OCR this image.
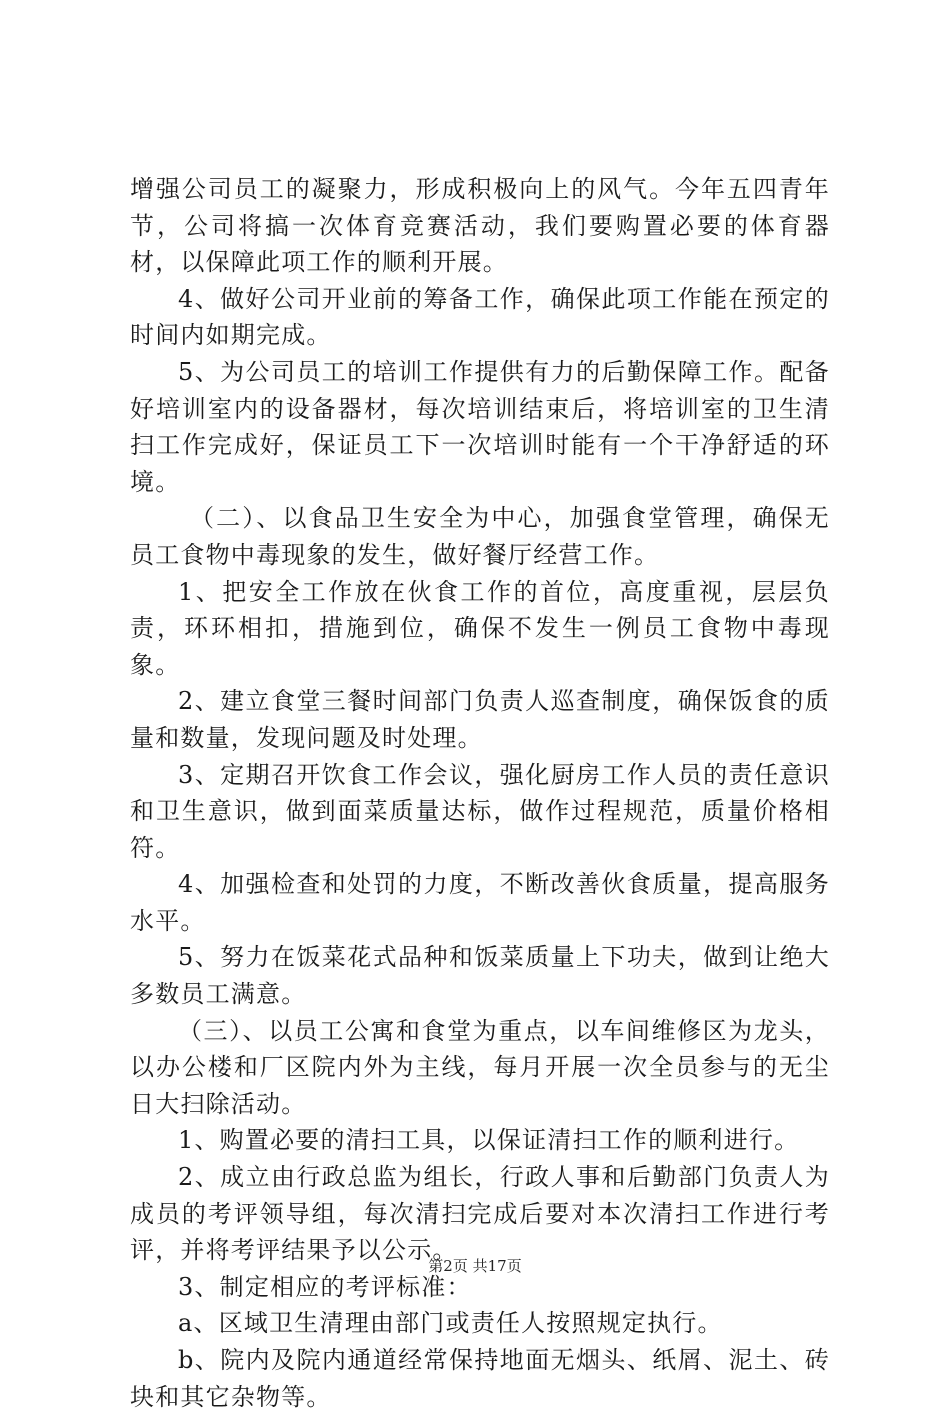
增强公司员工的凝聚力，形成积极向上的风气。今年五四青年节，公司将搞一次体育竞赛活动，我们要购置必要的体育器材，以保障此项工作的顺利开展。

4、做好公司开业前的筹备工作，确保此项工作能在预定的时间内如期完成。

5、为公司员工的培训工作提供有力的后勤保障工作。配备好培训室内的设备器材，每次培训结束后，将培训室的卫生清扫工作完成好，保证员工下一次培训时能有一个干净舒适的环境。

（二）、以食品卫生安全为中心，加强食堂管理，确保无员工食物中毒现象的发生，做好餐厅经营工作。

1、把安全工作放在伙食工作的首位，高度重视，层层负责，环环相扣，措施到位，确保不发生一例员工食物中毒现象。

2、建立食堂三餐时间部门负责人巡查制度，确保饭食的质量和数量，发现问题及时处理。

3、定期召开饮食工作会议，强化厨房工作人员的责任意识和卫生意识，做到面菜质量达标，做作过程规范，质量价格相符。

4、加强检查和处罚的力度，不断改善伙食质量，提高服务水平。

5、努力在饭菜花式品种和饭菜质量上下功夫，做到让绝大多数员工满意。

（三）、以员工公寓和食堂为重点，以车间维修区为龙头，以办公楼和厂区院内外为主线，每月开展一次全员参与的无尘日大扫除活动。

1、购置必要的清扫工具，以保证清扫工作的顺利进行。

2、成立由行政总监为组长，行政人事和后勤部门负责人为成员的考评领导组，每次清扫完成后要对本次清扫工作进行考评，并将考评结果予以公示。

3、制定相应的考评标准：

a、区域卫生清理由部门或责任人按照规定执行。

b、院内及院内通道经常保持地面无烟头、纸屑、泥土、砖块和其它杂物等。

第2页 共17页
